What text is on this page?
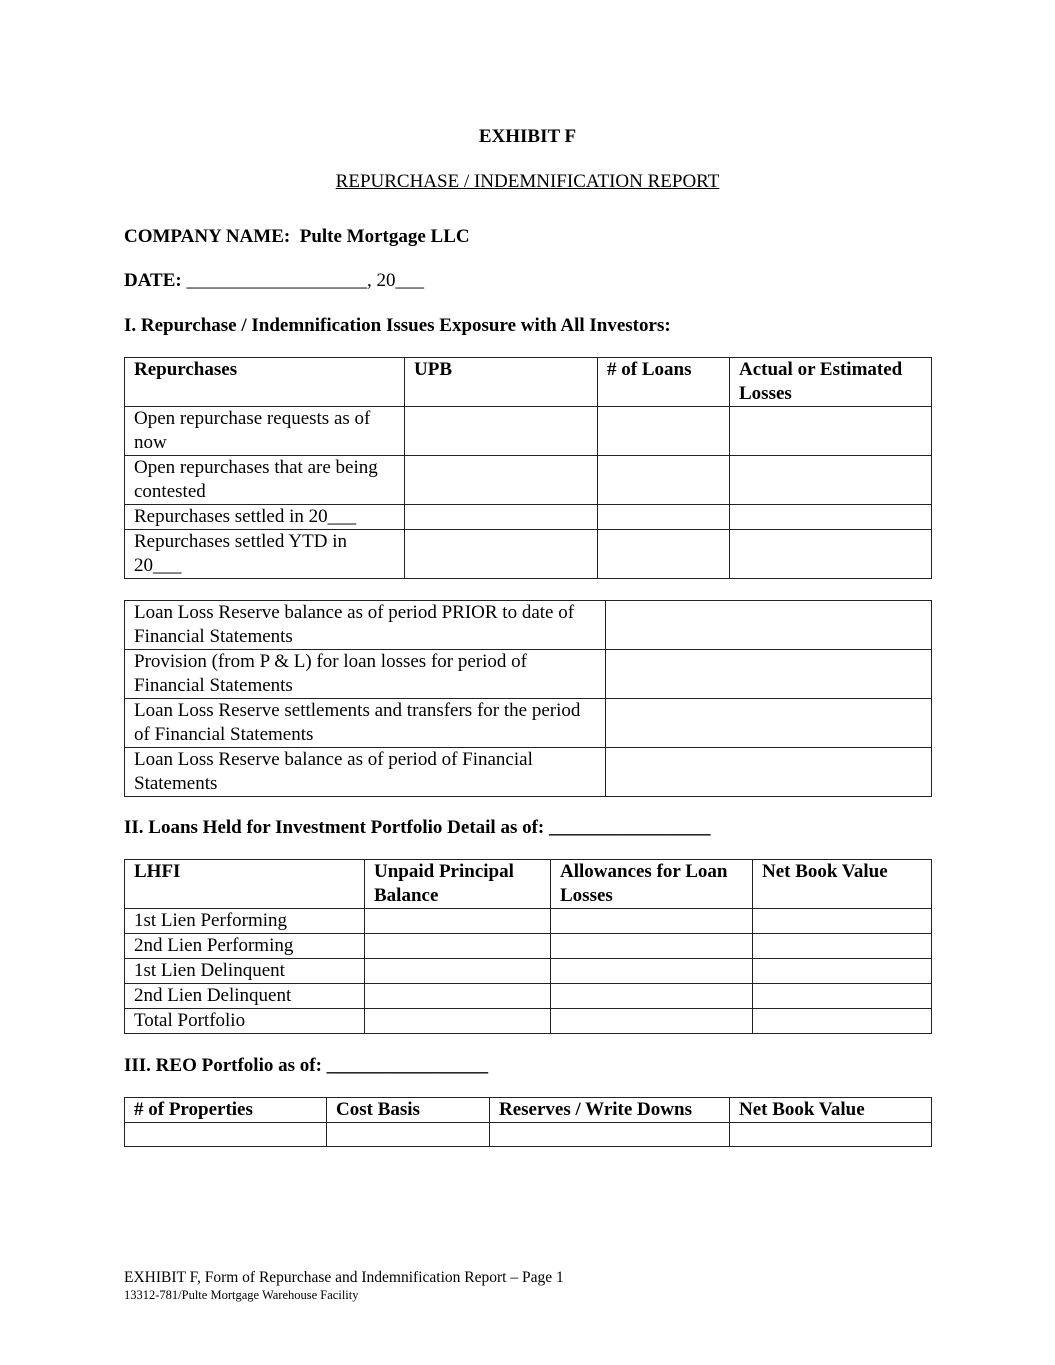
EXHIBIT F
REPURCHASE / INDEMNIFICATION REPORT
COMPANY NAME: Pulte Mortgage LLC
DATE: ___________________, 20___
I. Repurchase / Indemnification Issues Exposure with All Investors:
Repurchases	UPB	# of Loans	Actual or Estimated Losses
Open repurchase requests as of now			
Open repurchases that are being contested			
Repurchases settled in 20___			
Repurchases settled YTD in 20___			
Loan Loss Reserve balance as of period PRIOR to date of Financial Statements	
Provision (from P & L) for loan losses for period of Financial Statements	
Loan Loss Reserve settlements and transfers for the period of Financial Statements	
Loan Loss Reserve balance as of period of Financial Statements	
II. Loans Held for Investment Portfolio Detail as of: _________________
LHFI	Unpaid Principal Balance	Allowances for Loan Losses	Net Book Value
1st Lien Performing			
2nd Lien Performing			
1st Lien Delinquent			
2nd Lien Delinquent			
Total Portfolio			
III. REO Portfolio as of: _________________
# of Properties	Cost Basis	Reserves / Write Downs	Net Book Value

EXHIBIT F, Form of Repurchase and Indemnification Report – Page 1
13312-781/Pulte Mortgage Warehouse Facility
